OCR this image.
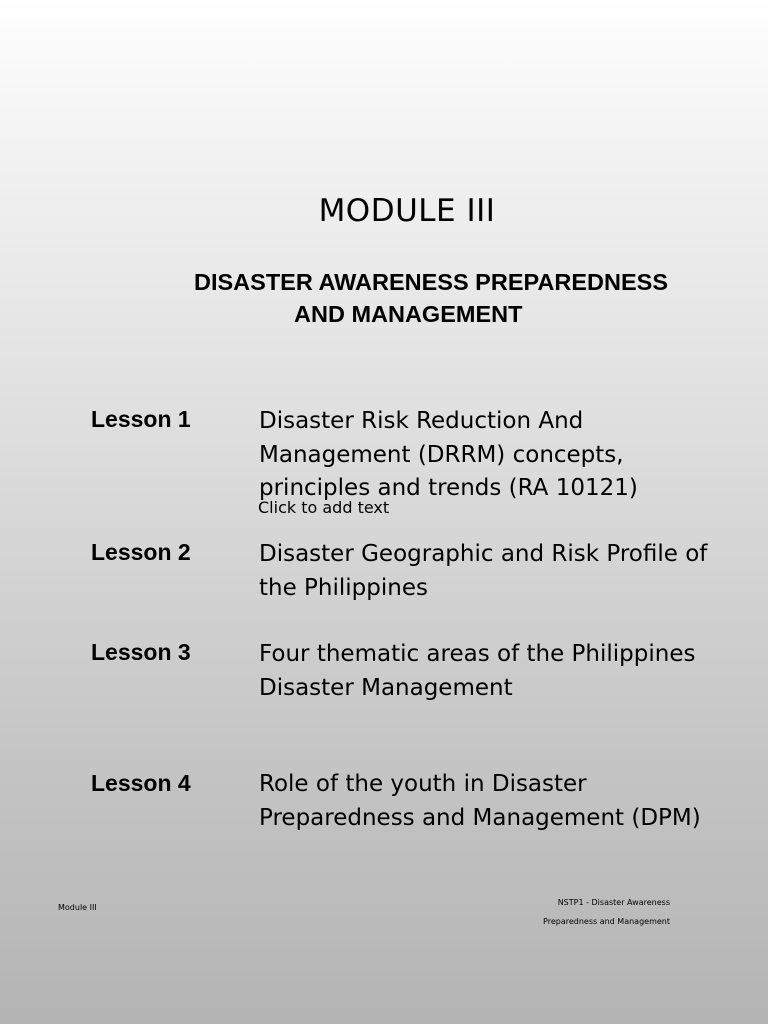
MODULE III
DISASTER AWARENESS PREPAREDNESS
AND MANAGEMENT
Lesson 1	Disaster Risk Reduction And Management (DRRM) concepts, principles and trends (RA 10121)
Click to add text
Lesson 2	Disaster Geographic and Risk Profile of the Philippines
Lesson 3	Four thematic areas of the Philippines Disaster Management
Lesson 4	Role of the youth in Disaster Preparedness and Management (DPM)
Module III
NSTP1 - Disaster Awareness
Preparedness and Management
